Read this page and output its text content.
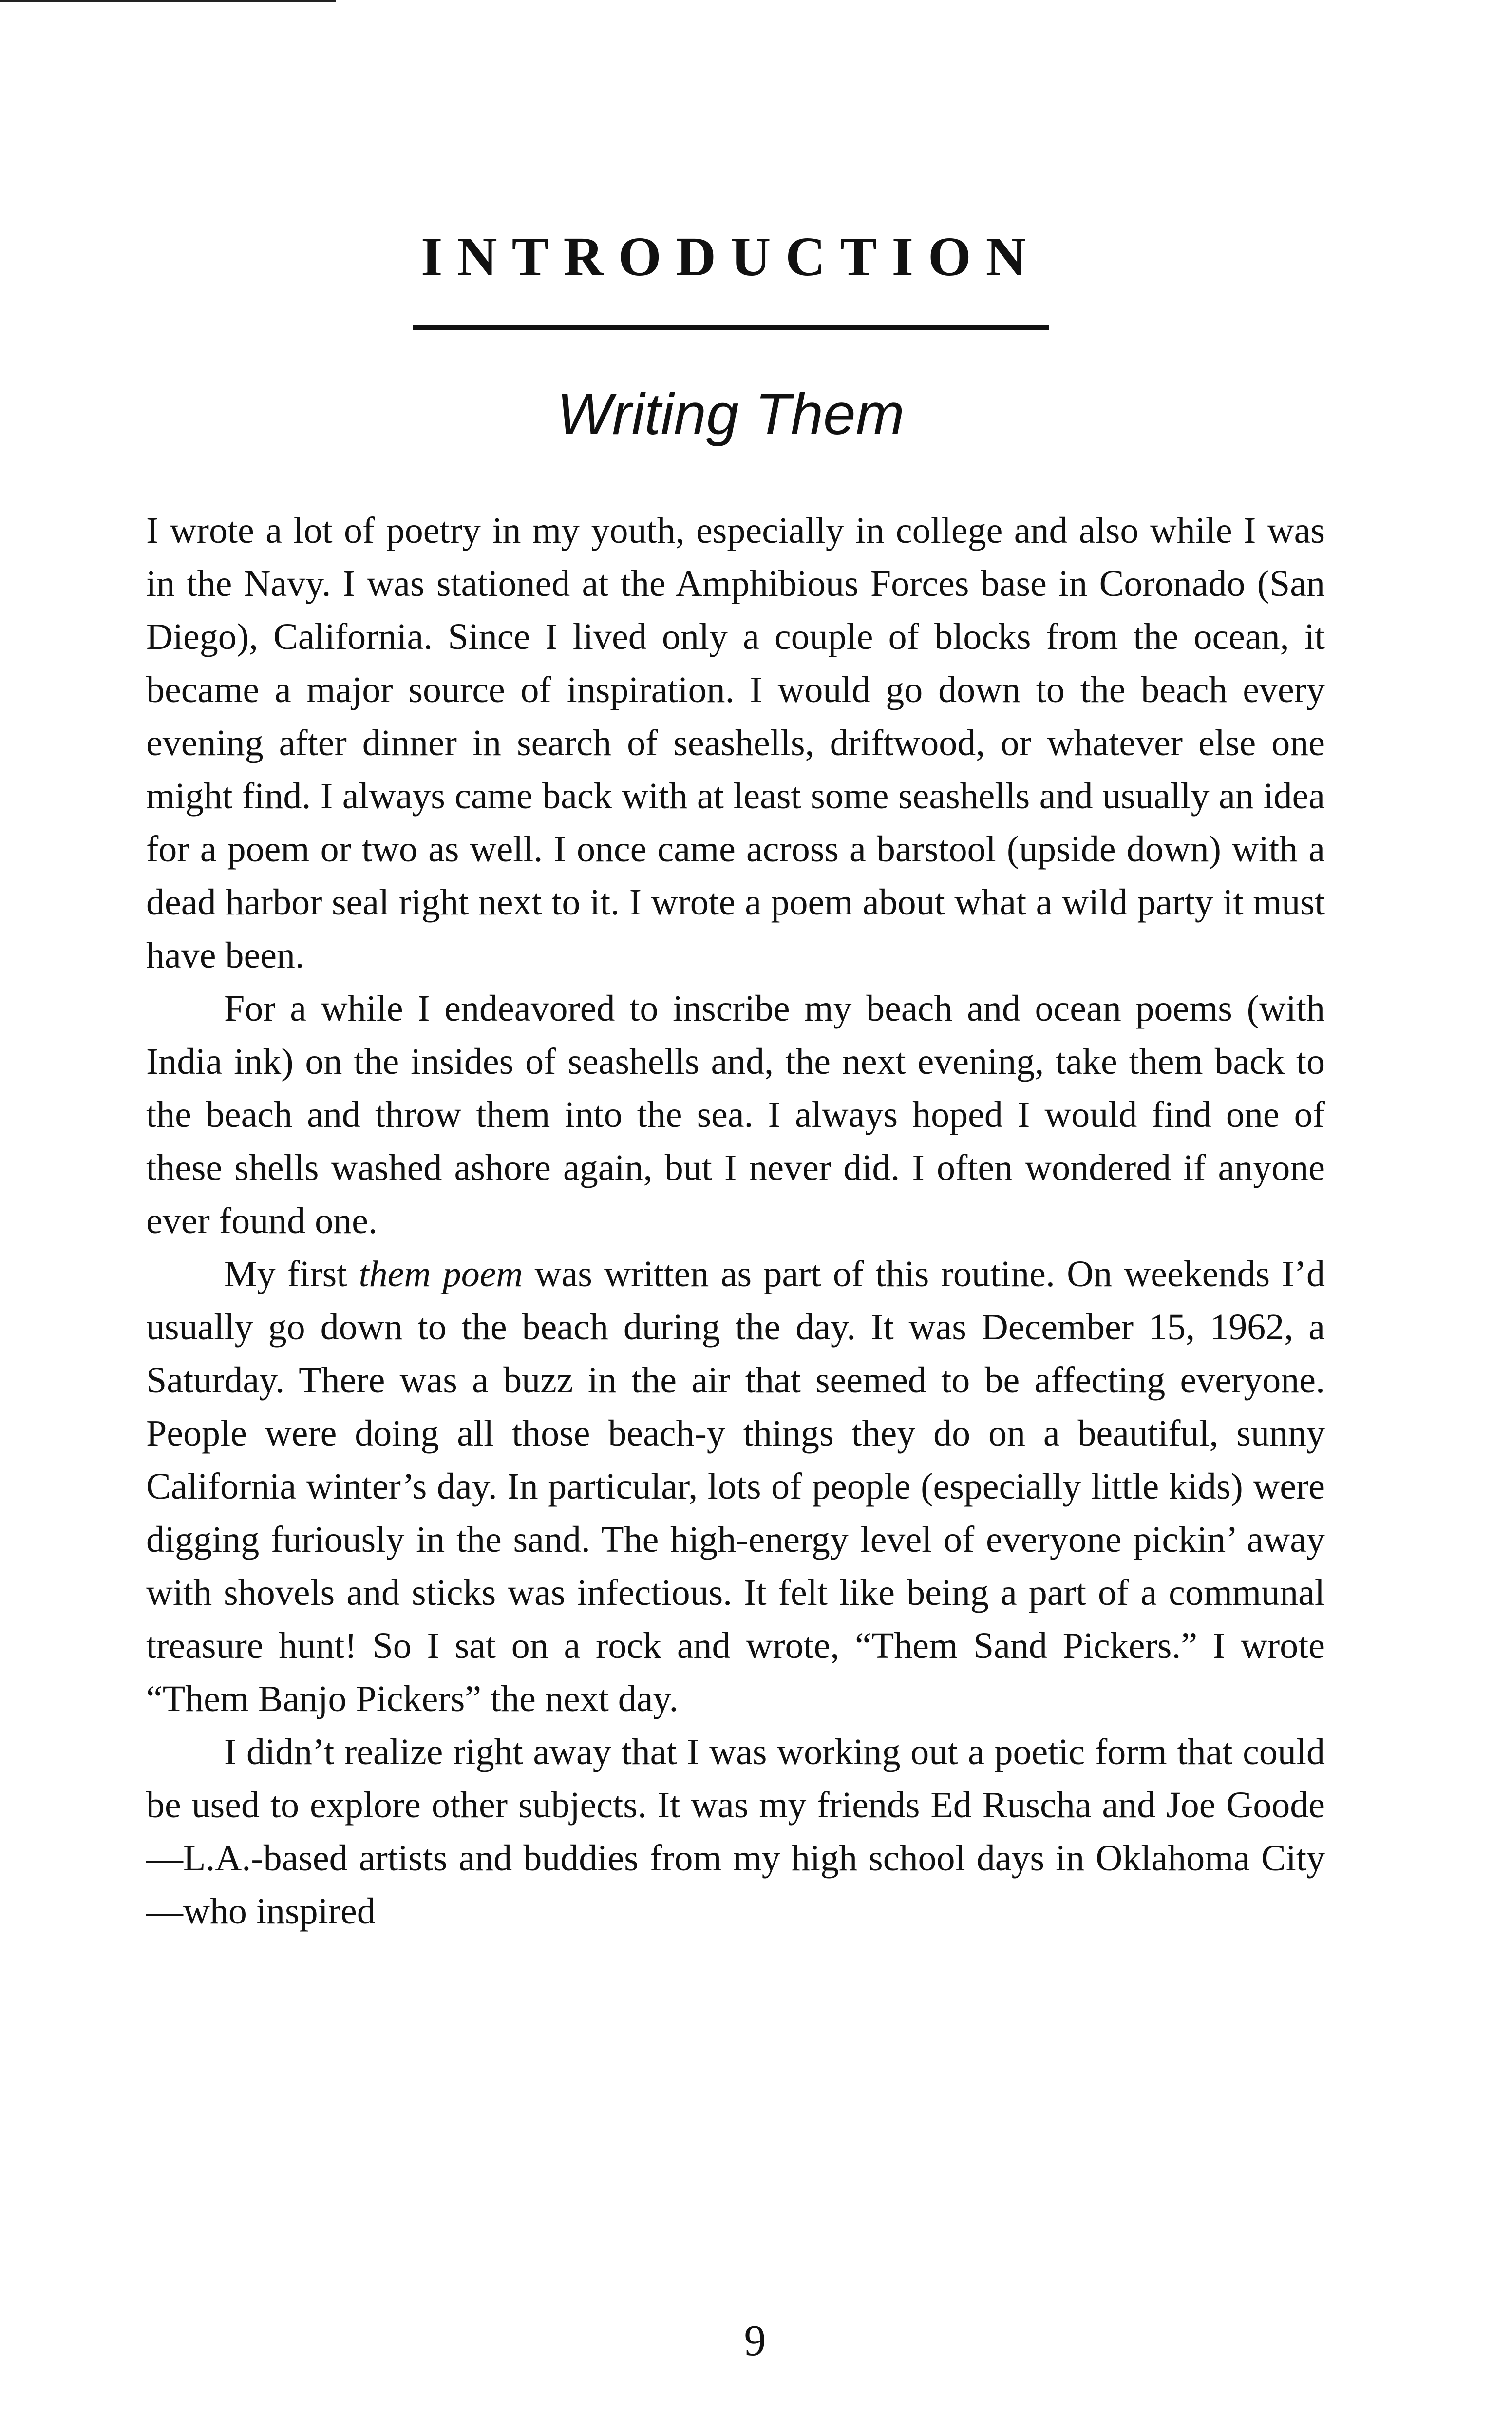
INTRODUCTION
Writing Them

I wrote a lot of poetry in my youth, especially in college and also while I was in the Navy. I was stationed at the Amphibious Forces base in Coronado (San Diego), California. Since I lived only a couple of blocks from the ocean, it became a major source of inspiration. I would go down to the beach every evening after dinner in search of seashells, driftwood, or whatever else one might find. I always came back with at least some seashells and usually an idea for a poem or two as well. I once came across a barstool (upside down) with a dead harbor seal right next to it. I wrote a poem about what a wild party it must have been.

For a while I endeavored to inscribe my beach and ocean poems (with India ink) on the insides of seashells and, the next evening, take them back to the beach and throw them into the sea. I always hoped I would find one of these shells washed ashore again, but I never did. I often wondered if anyone ever found one.

My first them poem was written as part of this routine. On weekends I’d usually go down to the beach during the day. It was December 15, 1962, a Saturday. There was a buzz in the air that seemed to be affecting everyone. People were doing all those beach-y things they do on a beautiful, sunny California winter’s day. In particular, lots of people (especially little kids) were digging furiously in the sand. The high-energy level of everyone pickin’ away with shovels and sticks was infectious. It felt like being a part of a communal treasure hunt! So I sat on a rock and wrote, “Them Sand Pickers.” I wrote “Them Banjo Pickers” the next day.

I didn’t realize right away that I was working out a poetic form that could be used to explore other subjects. It was my friends Ed Ruscha and Joe Goode—L.A.-based artists and buddies from my high school days in Oklahoma City—who inspired

9
